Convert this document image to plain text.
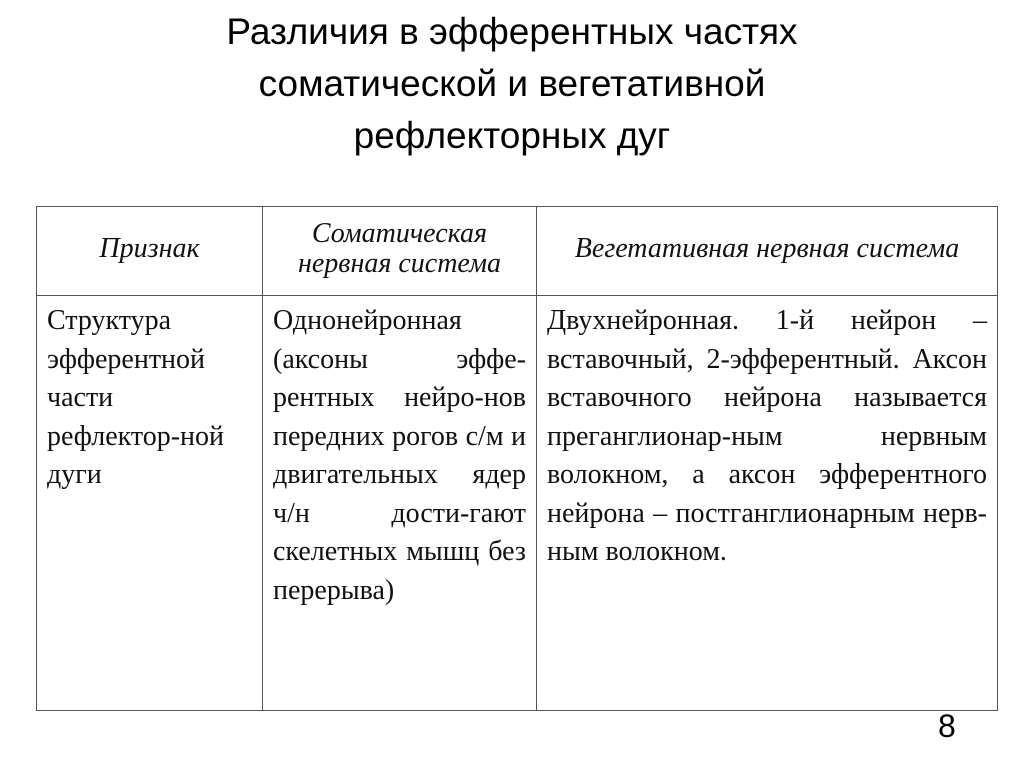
Различия в эфферентных частях
соматической и вегетативной
рефлекторных дуг
Признак	Соматическая нервная система	Вегетативная нервная система
Структура эфферентной части рефлектор-ной дуги	Однонейронная (аксоны эффе-рентных нейро-нов передних рогов с/м и двигательных ядер ч/н дости-гают скелетных мышц без перерыва)	Двухнейронная. 1-й нейрон – вставочный, 2-эфферентный. Аксон вставочного нейрона называется преганглионар-ным нервным волокном, а аксон эфферентного нейрона – постганглионарным нерв-ным волокном.
8
